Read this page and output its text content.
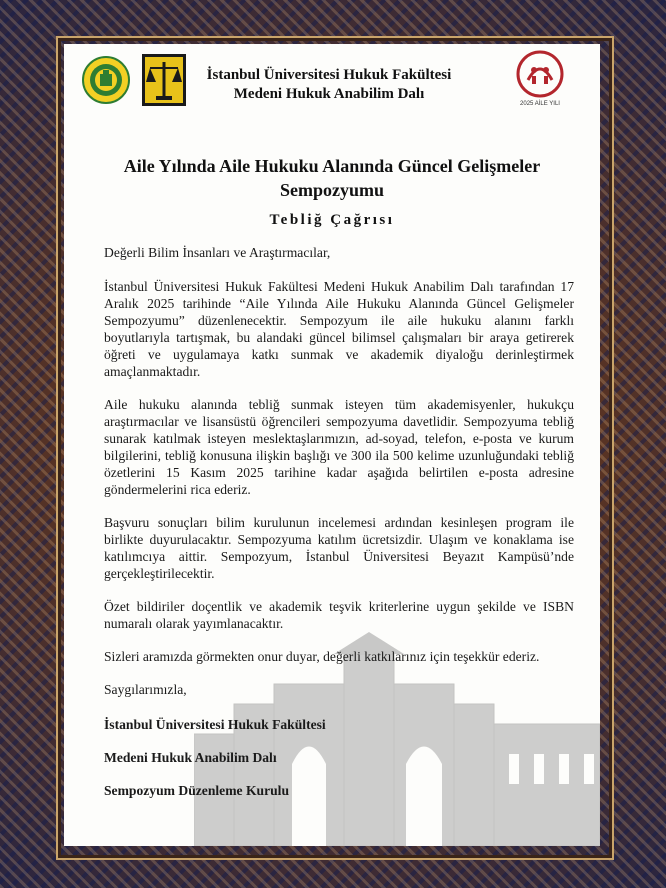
İstanbul Üniversitesi Hukuk Fakültesi
Medeni Hukuk Anabilim Dalı
2025 AİLE YILI
Aile Yılında Aile Hukuku Alanında Güncel Gelişmeler Sempozyumu
Tebliğ Çağrısı

Değerli Bilim İnsanları ve Araştırmacılar,

İstanbul Üniversitesi Hukuk Fakültesi Medeni Hukuk Anabilim Dalı tarafından 17 Aralık 2025 tarihinde “Aile Yılında Aile Hukuku Alanında Güncel Gelişmeler Sempozyumu” düzenlenecektir. Sempozyum ile aile hukuku alanını farklı boyutlarıyla tartışmak, bu alandaki güncel bilimsel çalışmaları bir araya getirerek öğreti ve uygulamaya katkı sunmak ve akademik diyaloğu derinleştirmek amaçlanmaktadır.

Aile hukuku alanında tebliğ sunmak isteyen tüm akademisyenler, hukukçu araştırmacılar ve lisansüstü öğrencileri sempozyuma davetlidir. Sempozyuma tebliğ sunarak katılmak isteyen meslektaşlarımızın, ad-soyad, telefon, e-posta ve kurum bilgilerini, tebliğ konusuna ilişkin başlığı ve 300 ila 500 kelime uzunluğundaki tebliğ özetlerini 15 Kasım 2025 tarihine kadar aşağıda belirtilen e-posta adresine göndermelerini rica ederiz.

Başvuru sonuçları bilim kurulunun incelemesi ardından kesinleşen program ile birlikte duyurulacaktır. Sempozyuma katılım ücretsizdir. Ulaşım ve konaklama ise katılımcıya aittir. Sempozyum, İstanbul Üniversitesi Beyazıt Kampüsü’nde gerçekleştirilecektir.

Özet bildiriler doçentlik ve akademik teşvik kriterlerine uygun şekilde ve ISBN numaralı olarak yayımlanacaktır.

Sizleri aramızda görmekten onur duyar, değerli katkılarınız için teşekkür ederiz.

Saygılarımızla,

İstanbul Üniversitesi Hukuk Fakültesi

Medeni Hukuk Anabilim Dalı

Sempozyum Düzenleme Kurulu
